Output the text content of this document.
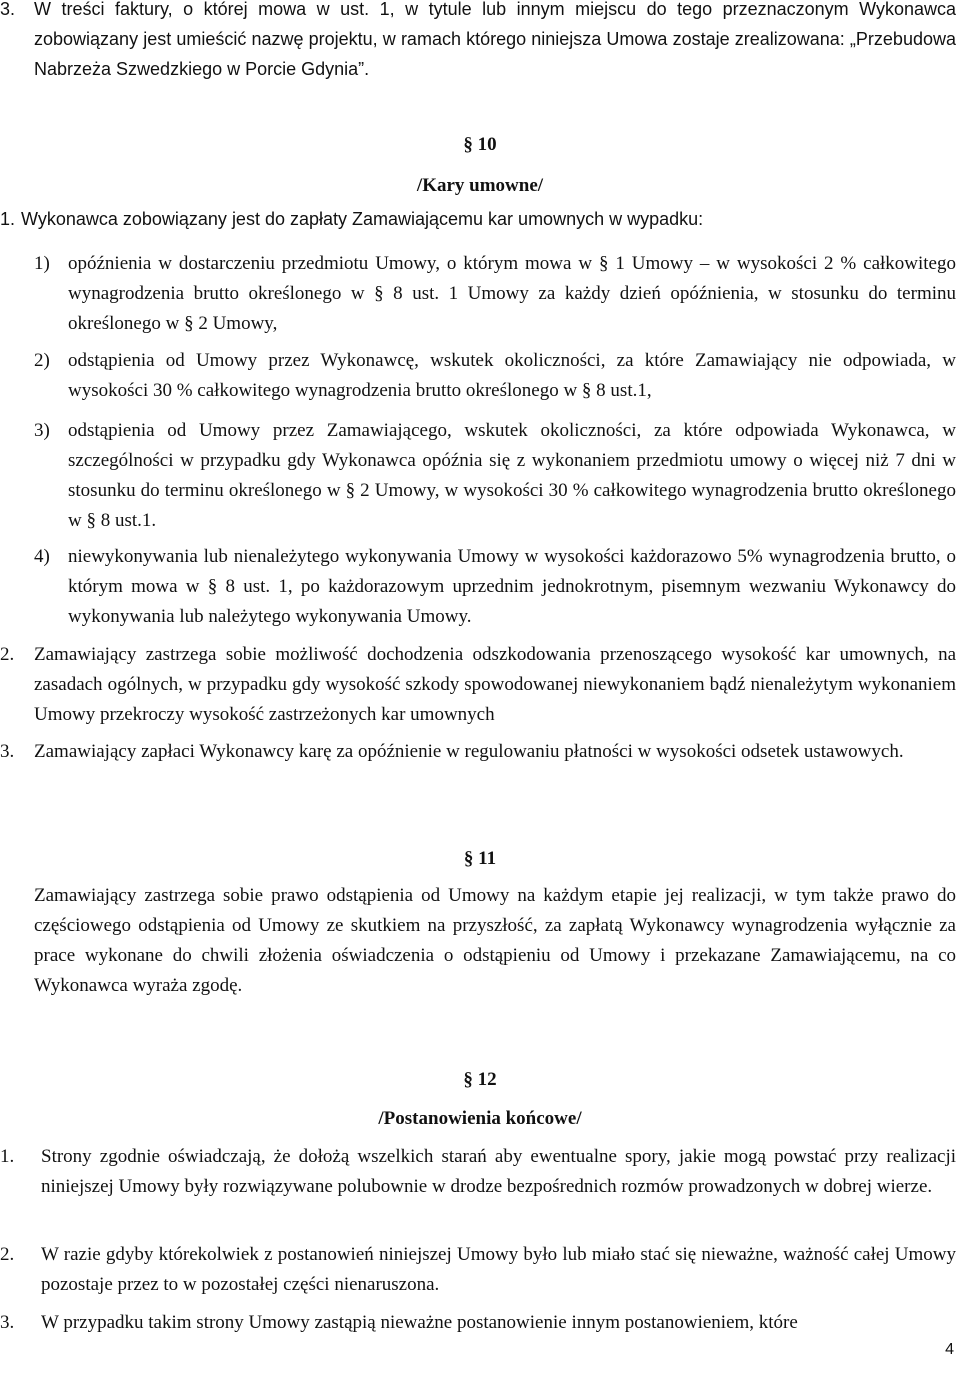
3. W treści faktury, o której mowa w ust. 1, w tytule lub innym miejscu do tego przeznaczonym Wykonawca zobowiązany jest umieścić nazwę projektu, w ramach którego niniejsza Umowa zostaje zrealizowana: „Przebudowa Nabrzeża Szwedzkiego w Porcie Gdynia”.

§ 10

/Kary umowne/

1. Wykonawca zobowiązany jest do zapłaty Zamawiającemu kar umownych w wypadku:

1) opóźnienia w dostarczeniu przedmiotu Umowy, o którym mowa w § 1 Umowy – w wysokości 2 % całkowitego wynagrodzenia brutto określonego w § 8 ust. 1 Umowy za każdy dzień opóźnienia, w stosunku do terminu określonego w § 2 Umowy,

2) odstąpienia od Umowy przez Wykonawcę, wskutek okoliczności, za które Zamawiający nie odpowiada, w wysokości 30 % całkowitego wynagrodzenia brutto określonego w § 8 ust.1,

3) odstąpienia od Umowy przez Zamawiającego, wskutek okoliczności, za które odpowiada Wykonawca, w szczególności w przypadku gdy Wykonawca opóźnia się z wykonaniem przedmiotu umowy o więcej niż 7 dni w stosunku do terminu określonego w § 2 Umowy, w wysokości 30 % całkowitego wynagrodzenia brutto określonego w § 8 ust.1.

4) niewykonywania lub nienależytego wykonywania Umowy w wysokości każdorazowo 5% wynagrodzenia brutto, o którym mowa w § 8 ust. 1, po każdorazowym uprzednim jednokrotnym, pisemnym wezwaniu Wykonawcy do wykonywania lub należytego wykonywania Umowy.

2. Zamawiający zastrzega sobie możliwość dochodzenia odszkodowania przenoszącego wysokość kar umownych, na zasadach ogólnych, w przypadku gdy wysokość szkody spowodowanej niewykonaniem bądź nienależytym wykonaniem Umowy przekroczy wysokość zastrzeżonych kar umownych

3. Zamawiający zapłaci Wykonawcy karę za opóźnienie w regulowaniu płatności w wysokości odsetek ustawowych.

§ 11

Zamawiający zastrzega sobie prawo odstąpienia od Umowy na każdym etapie jej realizacji, w tym także prawo do częściowego odstąpienia od Umowy ze skutkiem na przyszłość, za zapłatą Wykonawcy wynagrodzenia wyłącznie za prace wykonane do chwili złożenia oświadczenia o odstąpieniu od Umowy i przekazane Zamawiającemu, na co Wykonawca wyraża zgodę.

§ 12

/Postanowienia końcowe/

1. Strony zgodnie oświadczają, że dołożą wszelkich starań aby ewentualne spory, jakie mogą powstać przy realizacji niniejszej Umowy były rozwiązywane polubownie w drodze bezpośrednich rozmów prowadzonych w dobrej wierze.

2. W razie gdyby którekolwiek z postanowień niniejszej Umowy było lub miało stać się nieważne, ważność całej Umowy pozostaje przez to w pozostałej części nienaruszona.

3. W przypadku takim strony Umowy zastąpią nieważne postanowienie innym postanowieniem, które

4
